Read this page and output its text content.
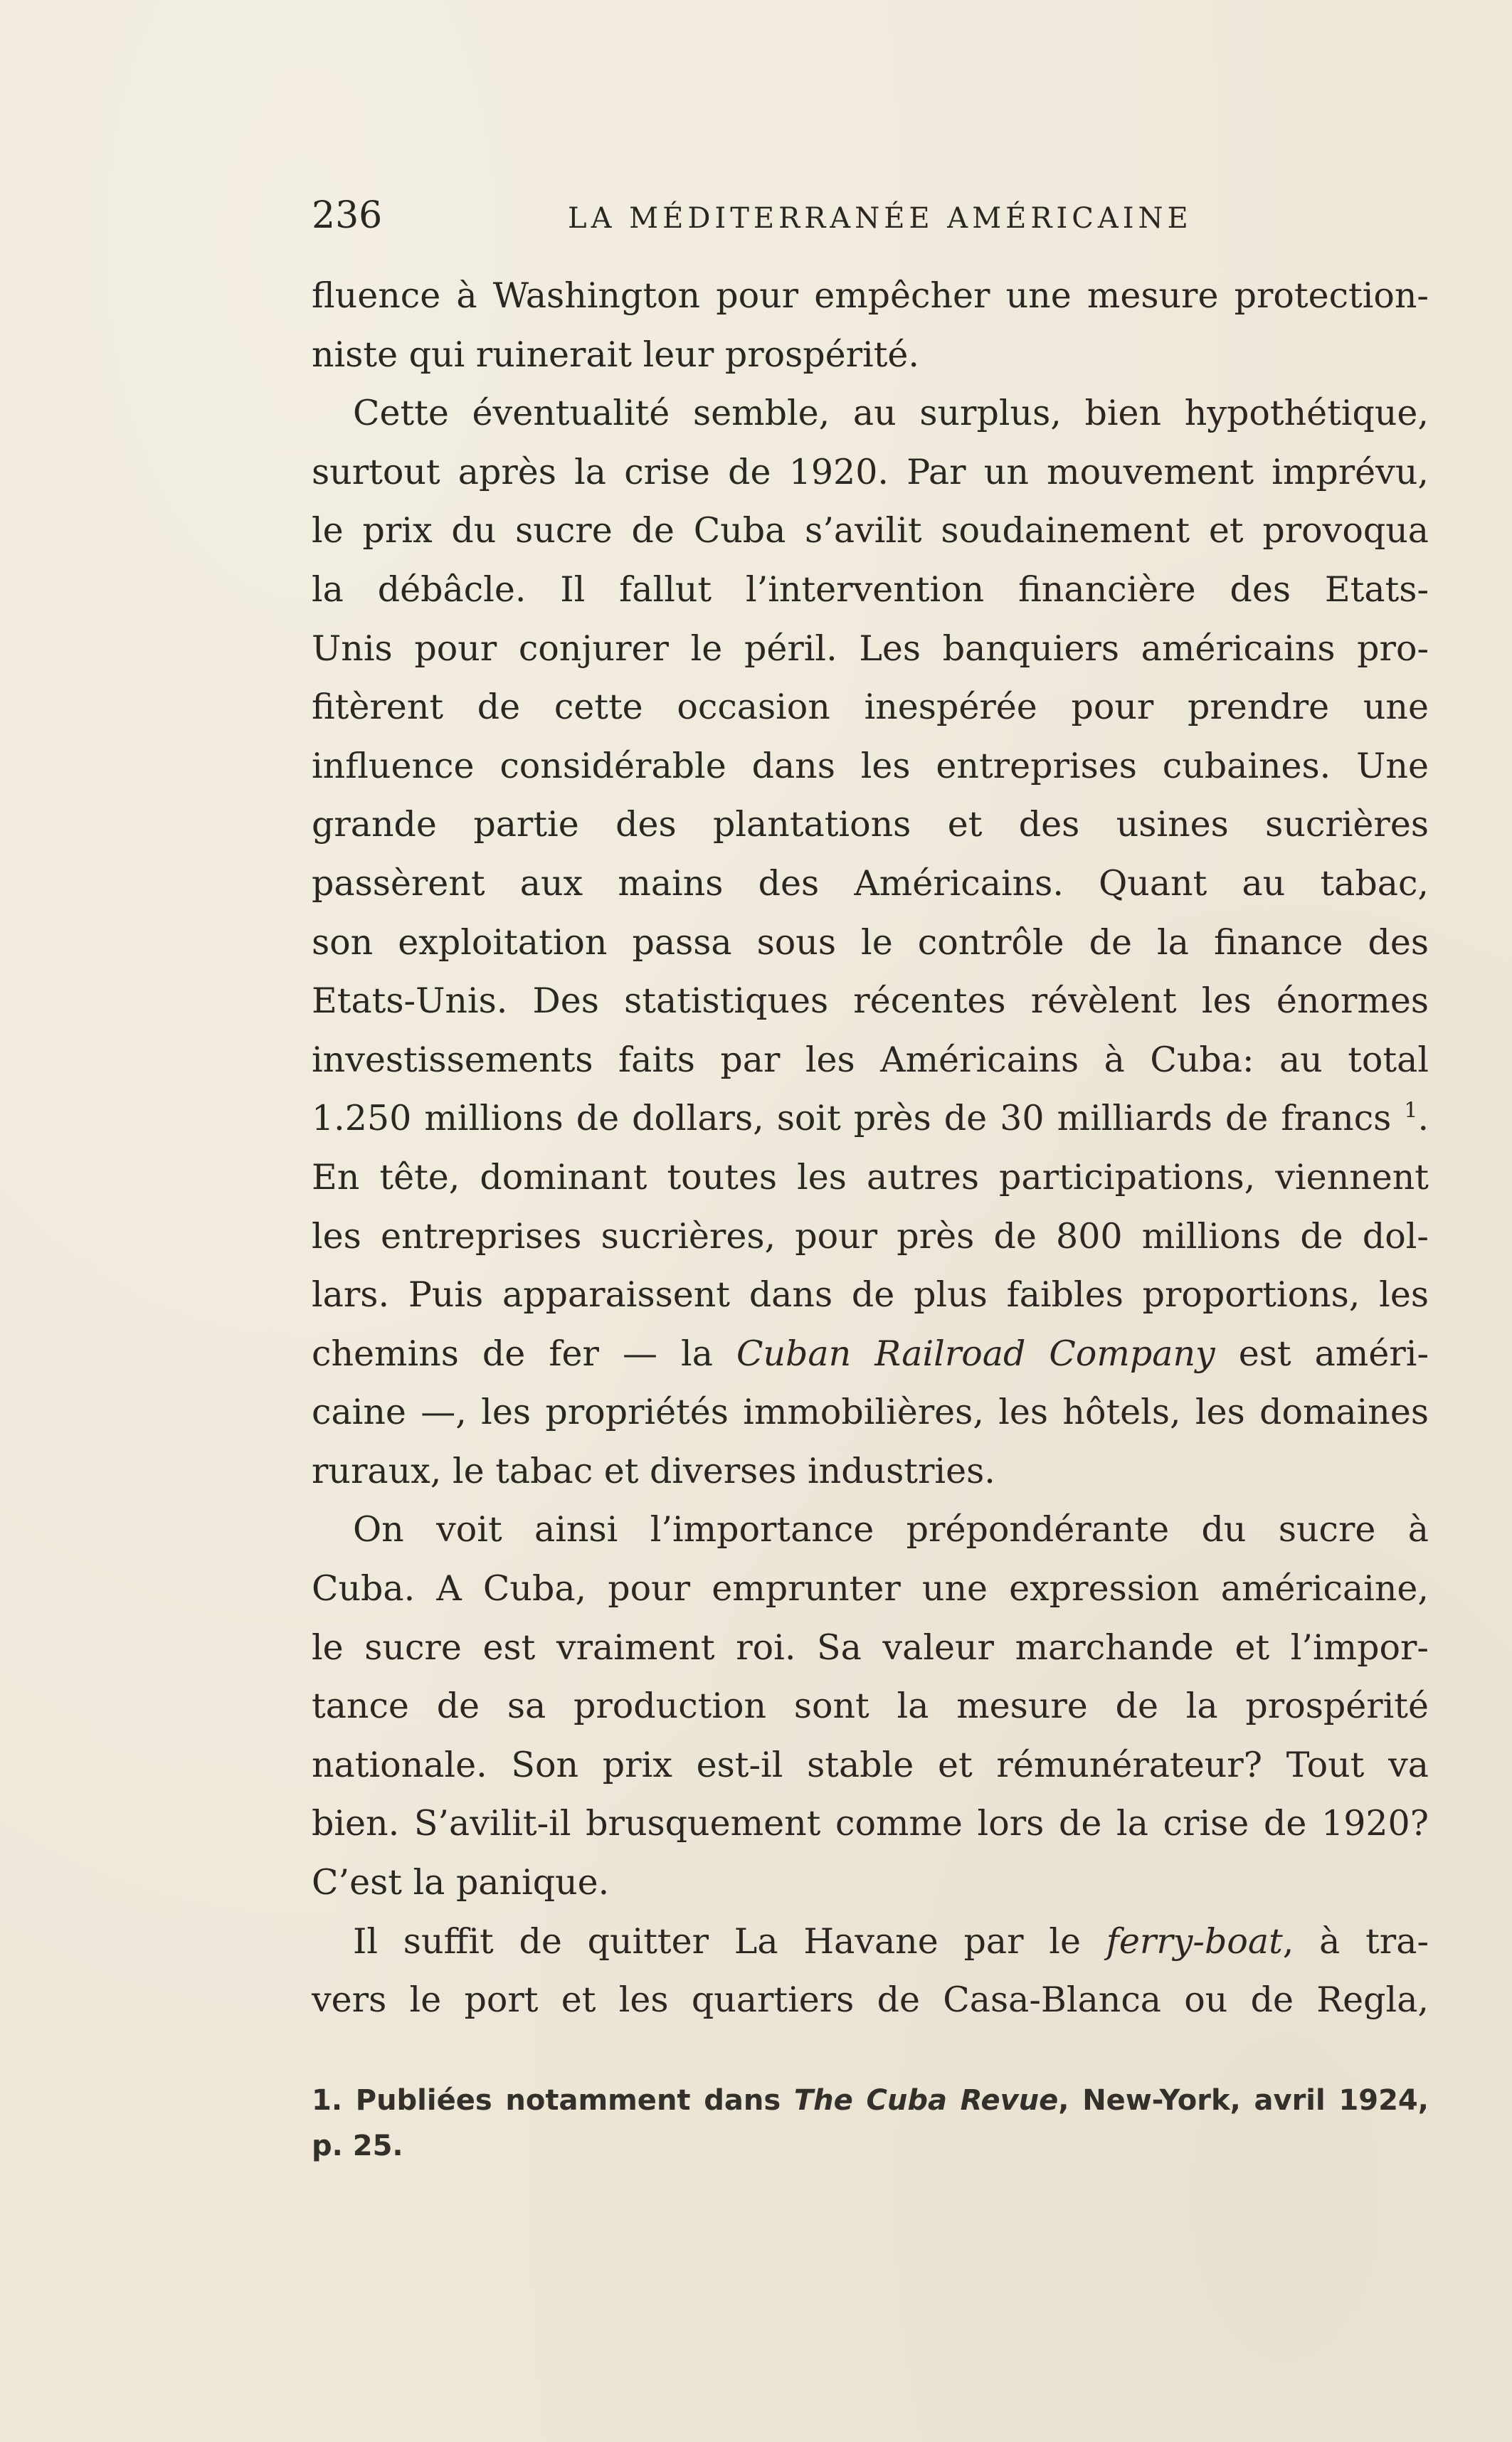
236	LA MÉDITERRANÉE AMÉRICAINE
fluence à Washington pour empêcher une mesure protection-
niste qui ruinerait leur prospérité.
Cette éventualité semble, au surplus, bien hypothétique,
surtout après la crise de 1920. Par un mouvement imprévu,
le prix du sucre de Cuba s’avilit soudainement et provoqua
la débâcle. Il fallut l’intervention financière des Etats-
Unis pour conjurer le péril. Les banquiers américains pro-
fitèrent de cette occasion inespérée pour prendre une
influence considérable dans les entreprises cubaines. Une
grande partie des plantations et des usines sucrières
passèrent aux mains des Américains. Quant au tabac,
son exploitation passa sous le contrôle de la finance des
Etats-Unis. Des statistiques récentes révèlent les énormes
investissements faits par les Américains à Cuba: au total
1.250 millions de dollars, soit près de 30 milliards de francs $^1$.
En tête, dominant toutes les autres participations, viennent
les entreprises sucrières, pour près de 800 millions de dol-
lars. Puis apparaissent dans de plus faibles proportions, les
chemins de fer — la Cuban Railroad Company est améri-
caine —, les propriétés immobilières, les hôtels, les domaines
ruraux, le tabac et diverses industries.
On voit ainsi l’importance prépondérante du sucre à
Cuba. A Cuba, pour emprunter une expression américaine,
le sucre est vraiment roi. Sa valeur marchande et l’impor-
tance de sa production sont la mesure de la prospérité
nationale. Son prix est-il stable et rémunérateur? Tout va
bien. S’avilit-il brusquement comme lors de la crise de 1920?
C’est la panique.
Il suffit de quitter La Havane par le ferry-boat, à tra-
vers le port et les quartiers de Casa-Blanca ou de Regla,
1. Publiées notamment dans The Cuba Revue, New-York, avril 1924,
p. 25.
